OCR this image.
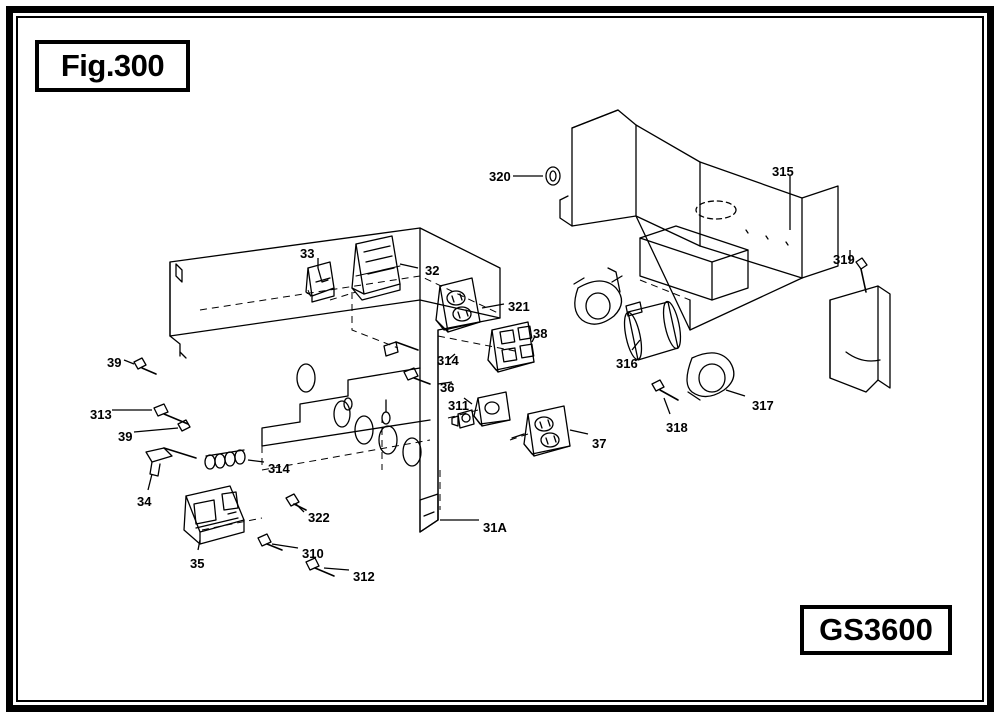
Fig.300
GS3600
320	315
319
33
32
321
38
316
314
39
36
317
311
313
318
39	37
314
34
322
31A
35
310
312
